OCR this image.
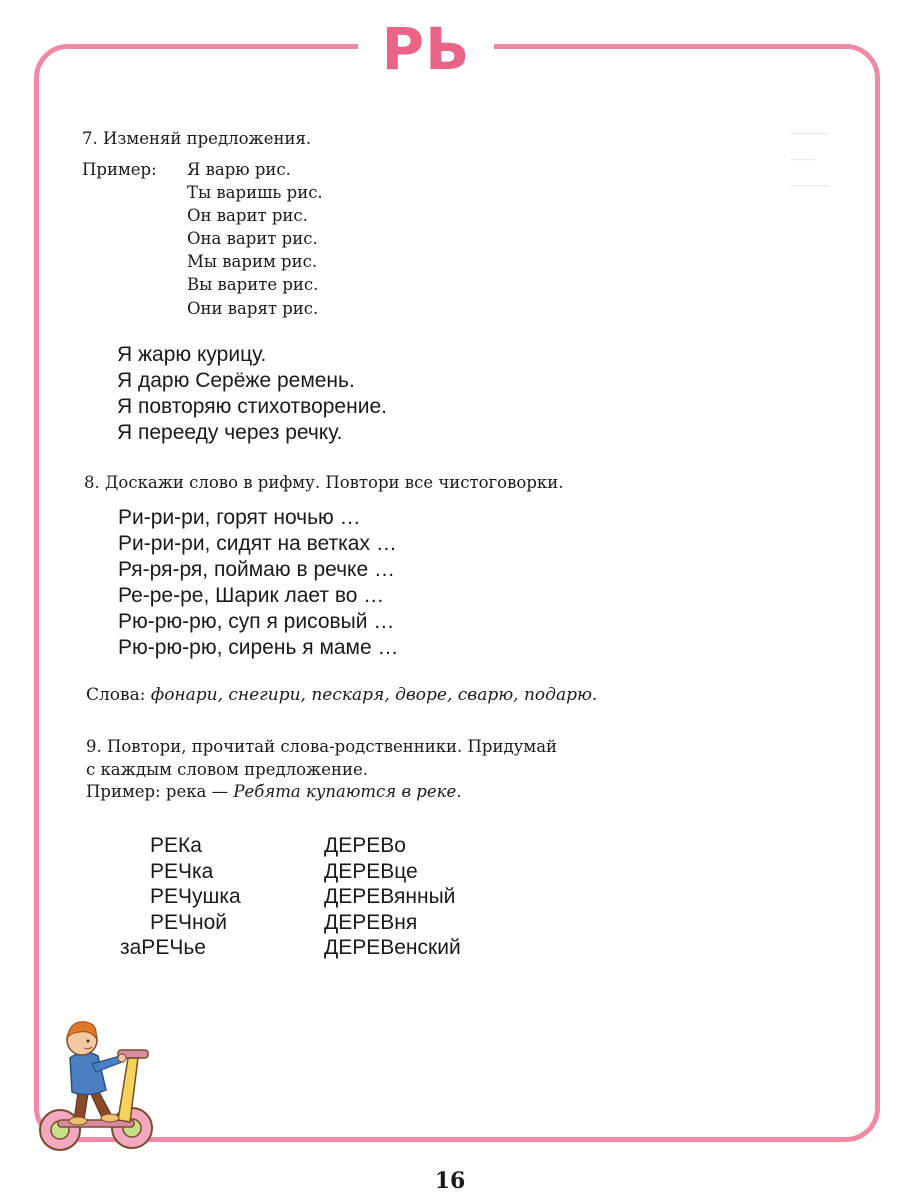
РЬ
───
──
───
7. Изменяй предложения.
Пример: Я варю рис.
Ты варишь рис.
Он варит рис.
Она варит рис.
Мы варим рис.
Вы варите рис.
Они варят рис.
Я жарю курицу.
Я дарю Серёже ремень.
Я повторяю стихотворение.
Я перееду через речку.
8. Доскажи слово в рифму. Повтори все чистоговорки.
Ри-ри-ри, горят ночью …
Ри-ри-ри, сидят на ветках …
Ря-ря-ря, поймаю в речке …
Ре-ре-ре, Шарик лает во …
Рю-рю-рю, суп я рисовый …
Рю-рю-рю, сирень я маме …
Слова: фонари, снегири, пескаря, дворе, сварю, подарю.
9. Повтори, прочитай слова-родственники. Придумай
с каждым словом предложение.
Пример: река — Ребята купаются в реке.
РЕКа
РЕЧка
РЕЧушка
РЕЧной
заРЕЧье
ДЕРЕВо
ДЕРЕВце
ДЕРЕВянный
ДЕРЕВня
ДЕРЕВенский
16
